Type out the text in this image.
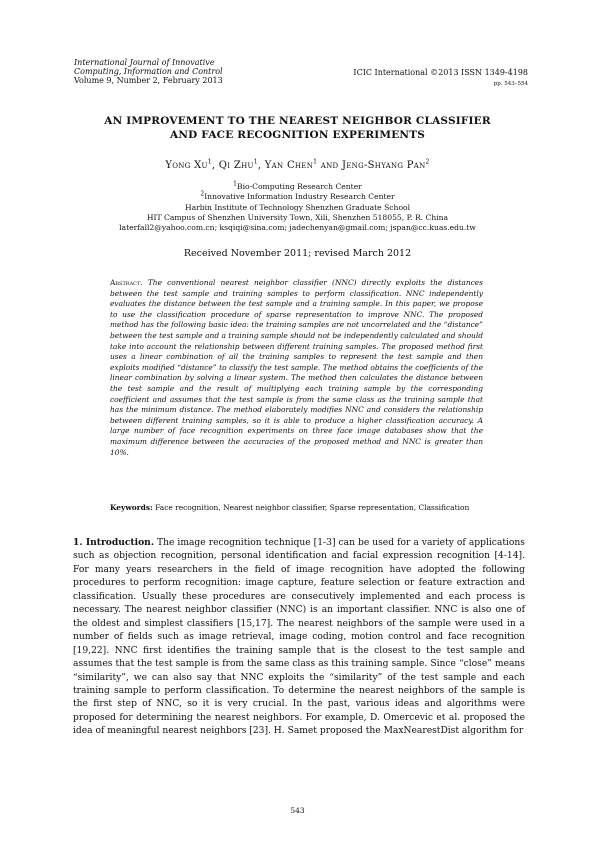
International Journal of Innovative
Computing, Information and Control
Volume 9, Number 2, February 2013
ICIC International ©2013 ISSN 1349-4198
pp. 543–554
AN IMPROVEMENT TO THE NEAREST NEIGHBOR CLASSIFIER
AND FACE RECOGNITION EXPERIMENTS
Yong Xu$^1$, Qi Zhu$^1$, Yan Chen$^1$ and Jeng-Shyang Pan$^2$
$^1$Bio-Computing Research Center
$^2$Innovative Information Industry Research Center
Harbin Institute of Technology Shenzhen Graduate School
HIT Campus of Shenzhen University Town, Xili, Shenzhen 518055, P. R. China
laterfall2@yahoo.com.cn; ksqiqi@sina.com; jadechenyan@gmail.com; jspan@cc.kuas.edu.tw
Received November 2011; revised March 2012
Abstract. The conventional nearest neighbor classifier (NNC) directly exploits the distances between the test sample and training samples to perform classification. NNC independently evaluates the distance between the test sample and a training sample. In this paper, we propose to use the classification procedure of sparse representation to improve NNC. The proposed method has the following basic idea: the training samples are not uncorrelated and the “distance” between the test sample and a training sample should not be independently calculated and should take into account the relationship between different training samples. The proposed method first uses a linear combination of all the training samples to represent the test sample and then exploits modified “distance” to classify the test sample. The method obtains the coefficients of the linear combination by solving a linear system. The method then calculates the distance between the test sample and the result of multiplying each training sample by the corresponding coefficient and assumes that the test sample is from the same class as the training sample that has the minimum distance. The method elaborately modifies NNC and considers the relationship between different training samples, so it is able to produce a higher classification accuracy. A large number of face recognition experiments on three face image databases show that the maximum difference between the accuracies of the proposed method and NNC is greater than 10%.
Keywords: Face recognition, Nearest neighbor classifier, Sparse representation, Classification
1. Introduction. The image recognition technique [1-3] can be used for a variety of applications such as objection recognition, personal identification and facial expression recognition [4-14]. For many years researchers in the field of image recognition have adopted the following procedures to perform recognition: image capture, feature selection or feature extraction and classification. Usually these procedures are consecutively implemented and each process is necessary. The nearest neighbor classifier (NNC) is an important classifier. NNC is also one of the oldest and simplest classifiers [15,17]. The nearest neighbors of the sample were used in a number of fields such as image retrieval, image coding, motion control and face recognition [19,22]. NNC first identifies the training sample that is the closest to the test sample and assumes that the test sample is from the same class as this training sample. Since “close” means “similarity”, we can also say that NNC exploits the “similarity” of the test sample and each training sample to perform classification. To determine the nearest neighbors of the sample is the first step of NNC, so it is very crucial. In the past, various ideas and algorithms were proposed for determining the nearest neighbors. For example, D. Omercevic et al. proposed the idea of meaningful nearest neighbors [23]. H. Samet proposed the MaxNearestDist algorithm for
543
